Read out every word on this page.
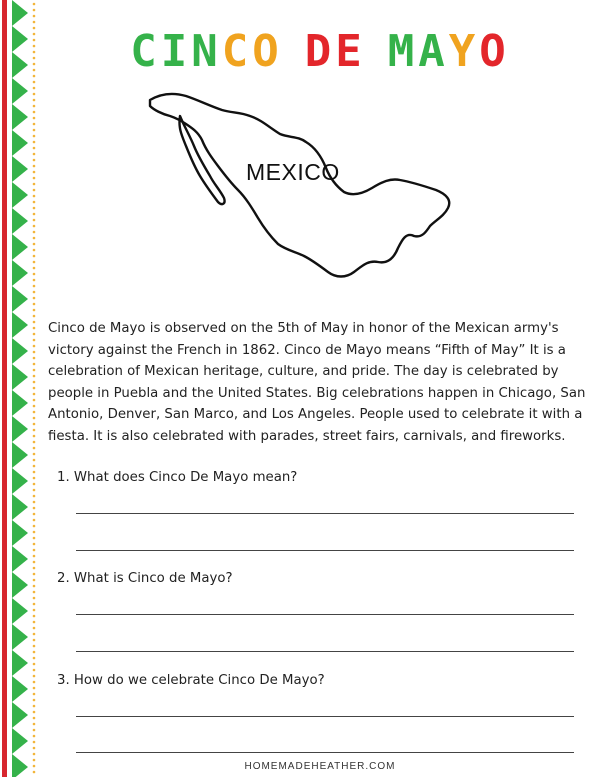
CINCO DE MAYO
MEXICO

Cinco de Mayo is observed on the 5th of May in honor of the Mexican army's victory against the French in 1862. Cinco de Mayo means “Fifth of May” It is a celebration of Mexican heritage, culture, and pride. The day is celebrated by people in Puebla and the United States. Big celebrations happen in Chicago, San Antonio, Denver, San Marco, and Los Angeles. People used to celebrate it with a fiesta. It is also celebrated with parades, street fairs, carnivals, and fireworks.

1. What does Cinco De Mayo mean?

2. What is Cinco de Mayo?

3. How do we celebrate Cinco De Mayo?

HOMEMADEHEATHER.COM
